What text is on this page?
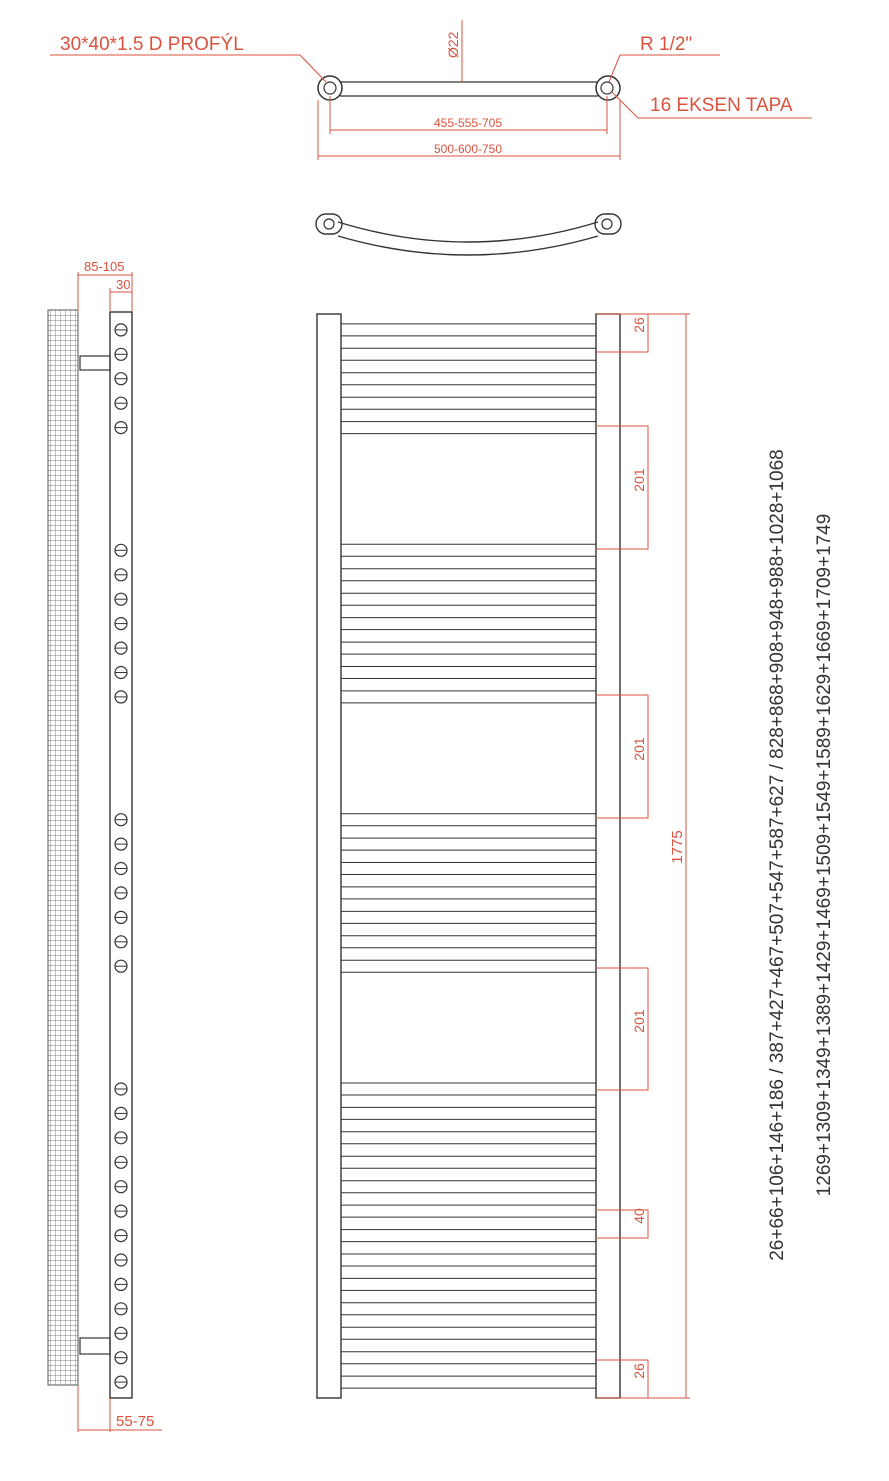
30*40*1.5 D PROFÝL	Ø22	R 1/2"
16 EKSEN TAPA
455-555-705
500-600-750
85-105
30
55-75
26
201
201
201
40
26
1775	26+66+106+146+186 / 387+427+467+507+547+587+627 / 828+868+908+948+988+1028+1068 1269+1309+1349+1389+1429+1469+1509+1549+1589+1629+1669+1709+1749
